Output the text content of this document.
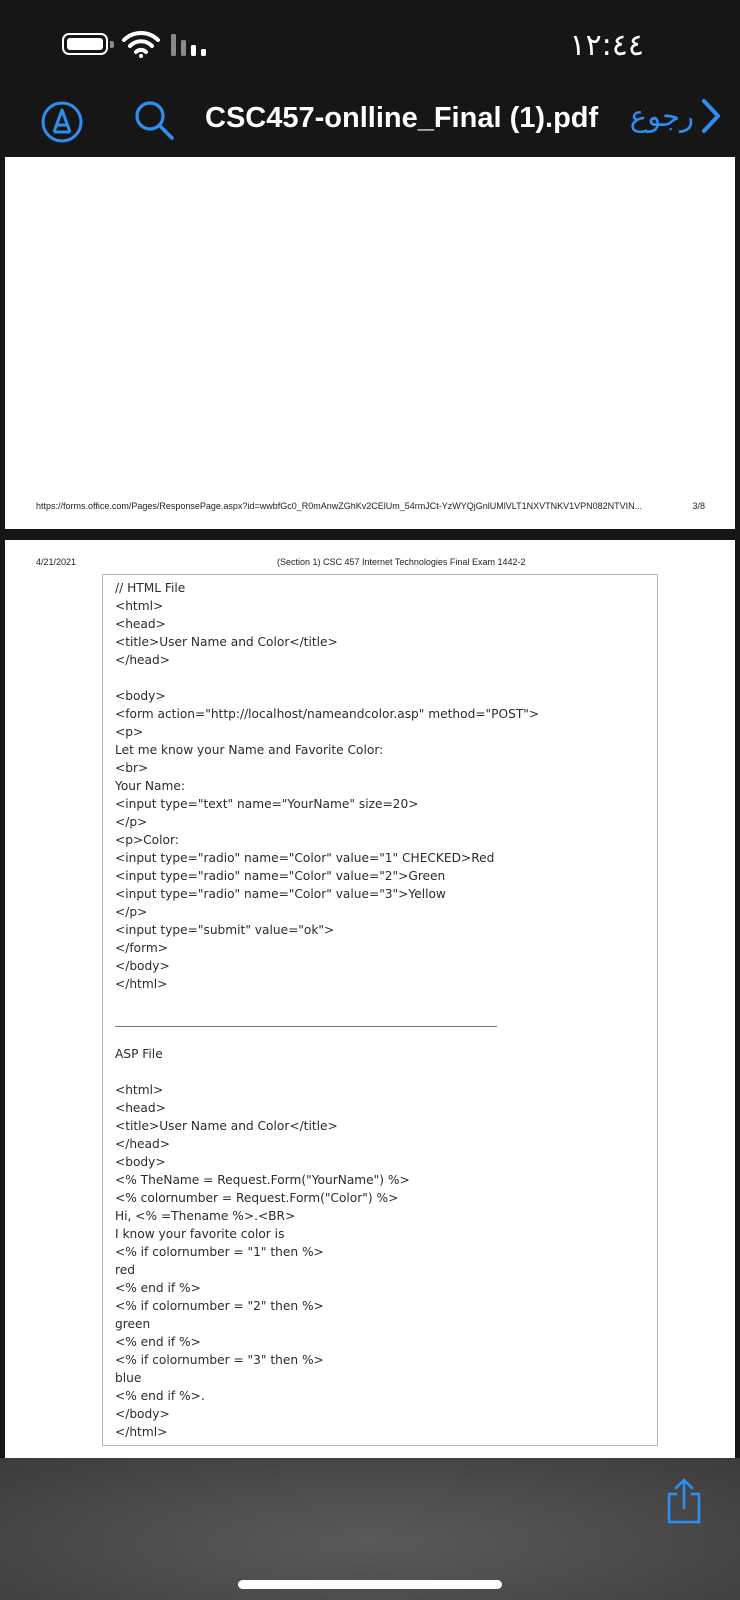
١٢:٤٤
CSC457-onlline_Final (1).pdf رجوع
https://forms.office.com/Pages/ResponsePage.aspx?id=wwbfGc0_R0mAnwZGhKv2CElUm_54rmJCt-YzWYQjGnlUMlVLT1NXVTNKV1VPN082NTVIN...	3/8
4/21/2021	(Section 1) CSC 457 Internet Technologies Final Exam 1442-2
// HTML File
<html>
<head>
<title>User Name and Color</title>
</head>
<body>
<form action="http://localhost/nameandcolor.asp" method="POST">
<p>
Let me know your Name and Favorite Color:
<br>
Your Name:
<input type="text" name="YourName" size=20>
</p>
<p>Color:
<input type="radio" name="Color" value="1" CHECKED>Red
<input type="radio" name="Color" value="2">Green
<input type="radio" name="Color" value="3">Yellow
</p>
<input type="submit" value="ok">
</form>
</body>
</html>
ASP File
<html>
<head>
<title>User Name and Color</title>
</head>
<body>
<% TheName = Request.Form("YourName") %>
<% colornumber = Request.Form("Color") %>
Hi, <% =Thename %>.<BR>
I know your favorite color is
<% if colornumber = "1" then %>
red
<% end if %>
<% if colornumber = "2" then %>
green
<% end if %>
<% if colornumber = "3" then %>
blue
<% end if %>.
</body>
</html>
